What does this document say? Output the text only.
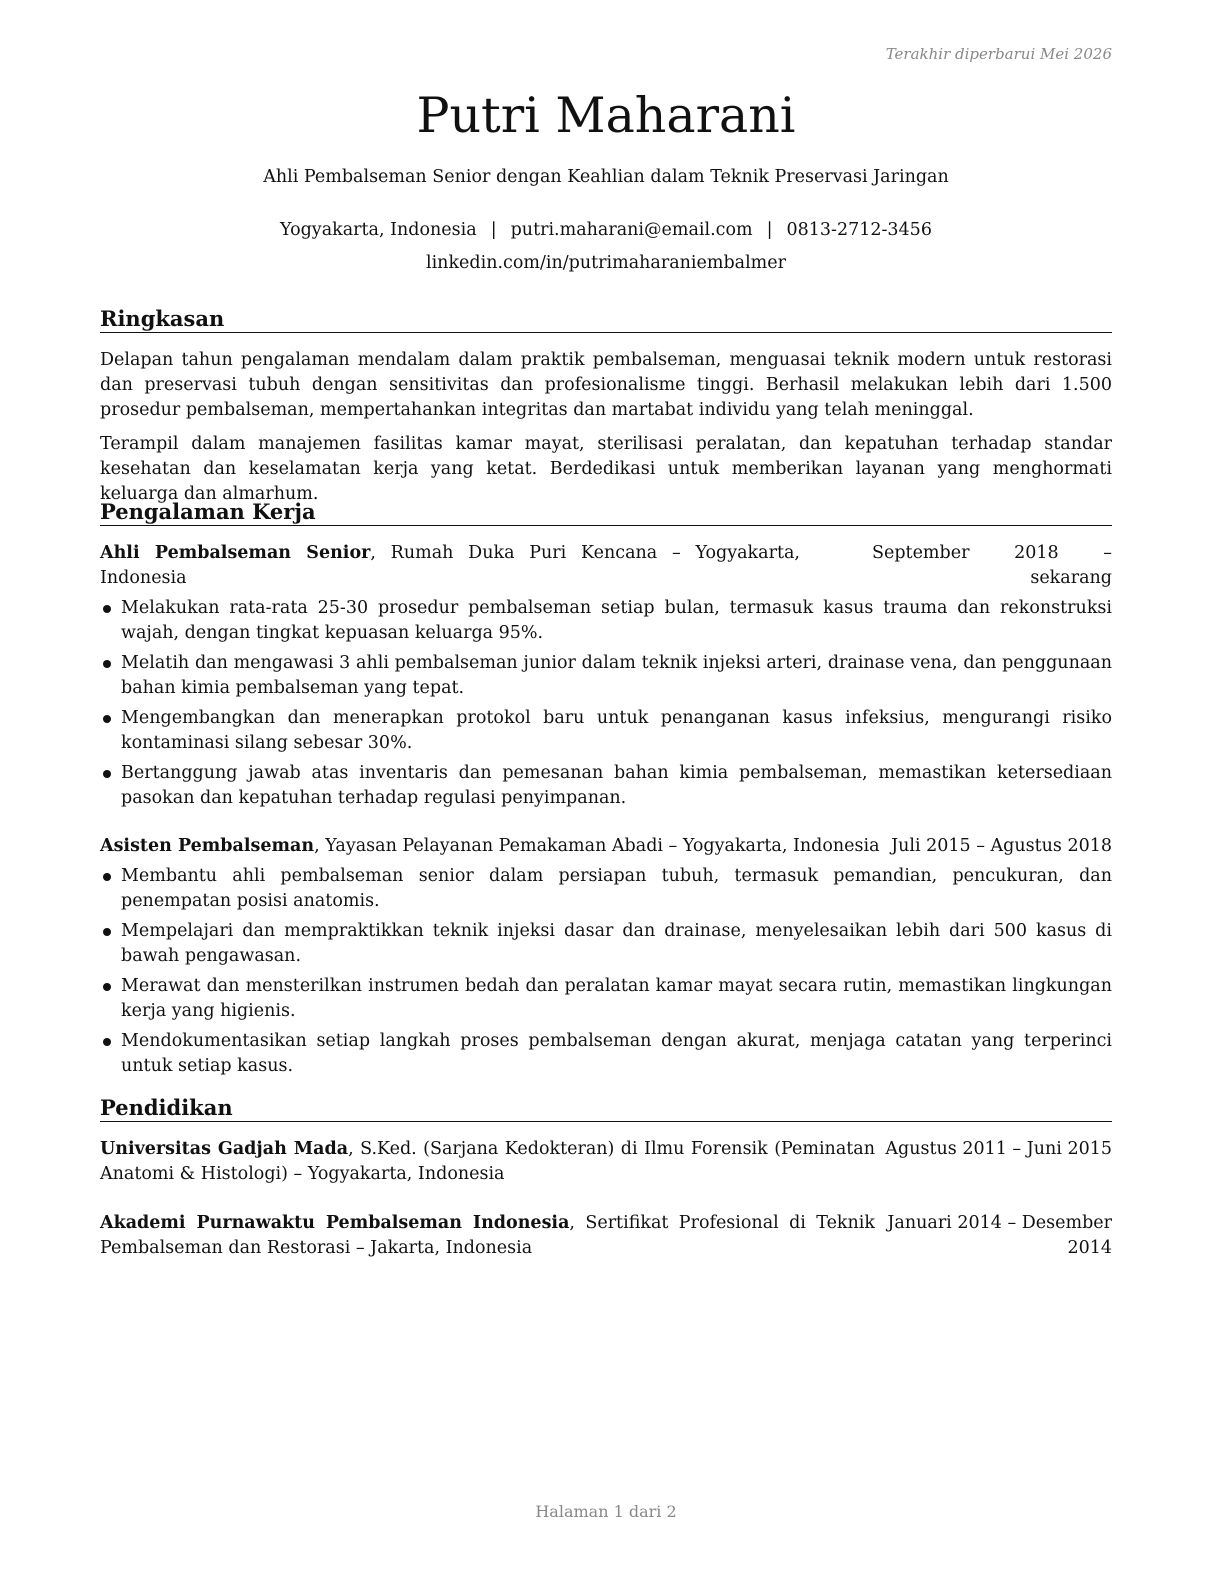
Terakhir diperbarui Mei 2026
Putri Maharani
Ahli Pembalseman Senior dengan Keahlian dalam Teknik Preservasi Jaringan
Yogyakarta, Indonesia | putri.maharani@email.com | 0813-2712-3456
linkedin.com/in/putrimaharaniembalmer
Ringkasan

Delapan tahun pengalaman mendalam dalam praktik pembalseman, menguasai teknik modern untuk restorasi dan preservasi tubuh dengan sensitivitas dan profesionalisme tinggi. Berhasil melakukan lebih dari 1.500 prosedur pembalseman, mempertahankan integritas dan martabat individu yang telah meninggal.

Terampil dalam manajemen fasilitas kamar mayat, sterilisasi peralatan, dan kepatuhan terhadap standar kesehatan dan keselamatan kerja yang ketat. Berdedikasi untuk memberikan layanan yang menghormati keluarga dan almarhum.

Pengalaman Kerja
Ahli Pembalseman Senior, Rumah Duka Puri Kencana – Yogyakarta, Indonesia
September 2018 – sekarang
Melakukan rata-rata 25-30 prosedur pembalseman setiap bulan, termasuk kasus trauma dan rekonstruksi wajah, dengan tingkat kepuasan keluarga 95%.
Melatih dan mengawasi 3 ahli pembalseman junior dalam teknik injeksi arteri, drainase vena, dan penggunaan bahan kimia pembalseman yang tepat.
Mengembangkan dan menerapkan protokol baru untuk penanganan kasus infeksius, mengurangi risiko kontaminasi silang sebesar 30%.
Bertanggung jawab atas inventaris dan pemesanan bahan kimia pembalseman, memastikan ketersediaan pasokan dan kepatuhan terhadap regulasi penyimpanan.
Asisten Pembalseman, Yayasan Pelayanan Pemakaman Abadi – Yogyakarta, Indonesia Juli 2015 – Agustus 2018
Membantu ahli pembalseman senior dalam persiapan tubuh, termasuk pemandian, pencukuran, dan penempatan posisi anatomis.
Mempelajari dan mempraktikkan teknik injeksi dasar dan drainase, menyelesaikan lebih dari 500 kasus di bawah pengawasan.
Merawat dan mensterilkan instrumen bedah dan peralatan kamar mayat secara rutin, memastikan lingkungan kerja yang higienis.
Mendokumentasikan setiap langkah proses pembalseman dengan akurat, menjaga catatan yang terperinci untuk setiap kasus.
Pendidikan
Universitas Gadjah Mada, S.Ked. (Sarjana Kedokteran) di Ilmu Forensik (Peminatan Anatomi & Histologi) – Yogyakarta, Indonesia
Agustus 2011 – Juni 2015
Akademi Purnawaktu Pembalseman Indonesia, Sertifikat Profesional di Teknik Pembalseman dan Restorasi – Jakarta, Indonesia
Januari 2014 – Desember 2014
Halaman 1 dari 2
